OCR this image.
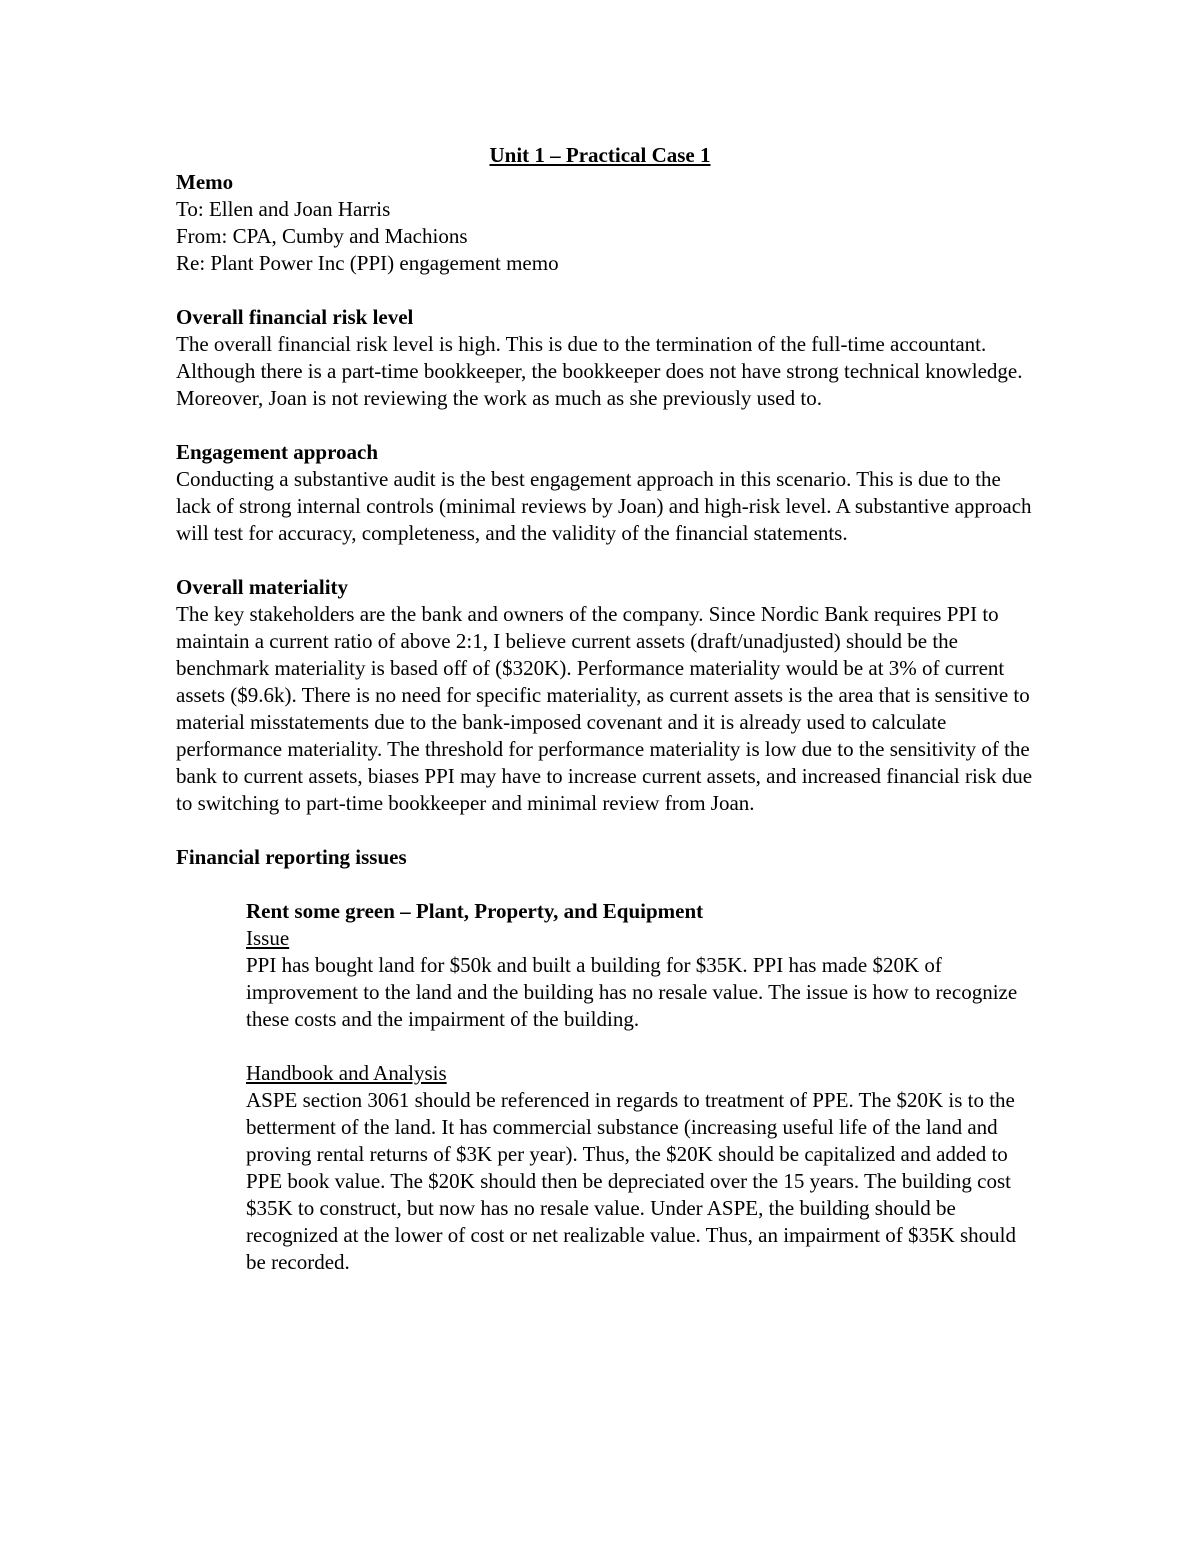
Unit 1 – Practical Case 1
Memo
To: Ellen and Joan Harris
From: CPA, Cumby and Machions
Re: Plant Power Inc (PPI) engagement memo
Overall financial risk level

The overall financial risk level is high. This is due to the termination of the full-time accountant. Although there is a part-time bookkeeper, the bookkeeper does not have strong technical knowledge. Moreover, Joan is not reviewing the work as much as she previously used to.

Engagement approach

Conducting a substantive audit is the best engagement approach in this scenario. This is due to the lack of strong internal controls (minimal reviews by Joan) and high-risk level. A substantive approach will test for accuracy, completeness, and the validity of the financial statements.

Overall materiality

The key stakeholders are the bank and owners of the company. Since Nordic Bank requires PPI to maintain a current ratio of above 2:1, I believe current assets (draft/unadjusted) should be the benchmark materiality is based off of ($320K). Performance materiality would be at 3% of current assets ($9.6k). There is no need for specific materiality, as current assets is the area that is sensitive to material misstatements due to the bank-imposed covenant and it is already used to calculate performance materiality. The threshold for performance materiality is low due to the sensitivity of the bank to current assets, biases PPI may have to increase current assets, and increased financial risk due to switching to part-time bookkeeper and minimal review from Joan.

Financial reporting issues
Rent some green – Plant, Property, and Equipment
Issue

PPI has bought land for $50k and built a building for $35K. PPI has made $20K of improvement to the land and the building has no resale value. The issue is how to recognize these costs and the impairment of the building.

Handbook and Analysis

ASPE section 3061 should be referenced in regards to treatment of PPE. The $20K is to the betterment of the land. It has commercial substance (increasing useful life of the land and proving rental returns of $3K per year). Thus, the $20K should be capitalized and added to PPE book value. The $20K should then be depreciated over the 15 years. The building cost $35K to construct, but now has no resale value. Under ASPE, the building should be recognized at the lower of cost or net realizable value. Thus, an impairment of $35K should be recorded.
